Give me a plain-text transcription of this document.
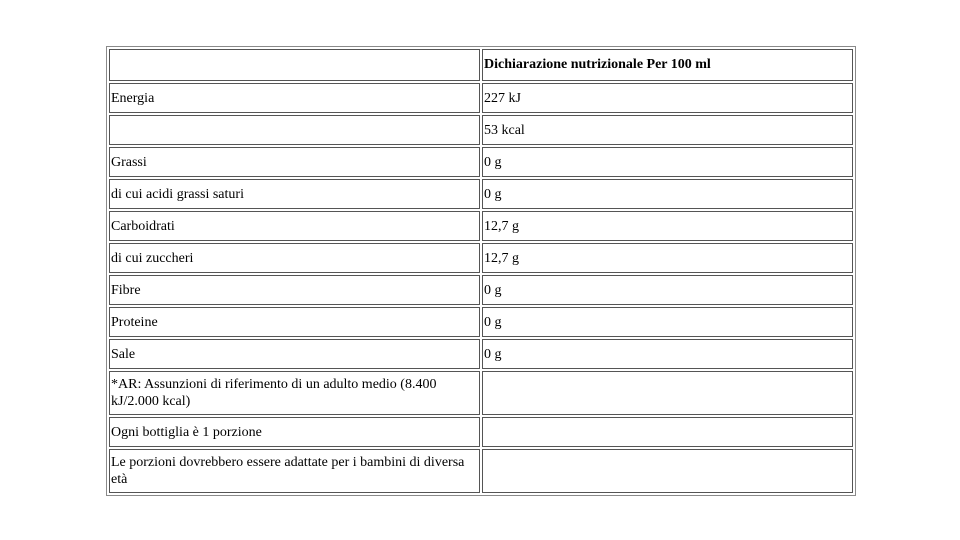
	Dichiarazione nutrizionale Per 100 ml
Energia	227 kJ
	53 kcal
Grassi	0 g
di cui acidi grassi saturi	0 g
Carboidrati	12,7 g
di cui zuccheri	12,7 g
Fibre	0 g
Proteine	0 g
Sale	0 g
*AR: Assunzioni di riferimento di un adulto medio (8.400 kJ/2.000 kcal)	
Ogni bottiglia è 1 porzione	
Le porzioni dovrebbero essere adattate per i bambini di diversa età	
